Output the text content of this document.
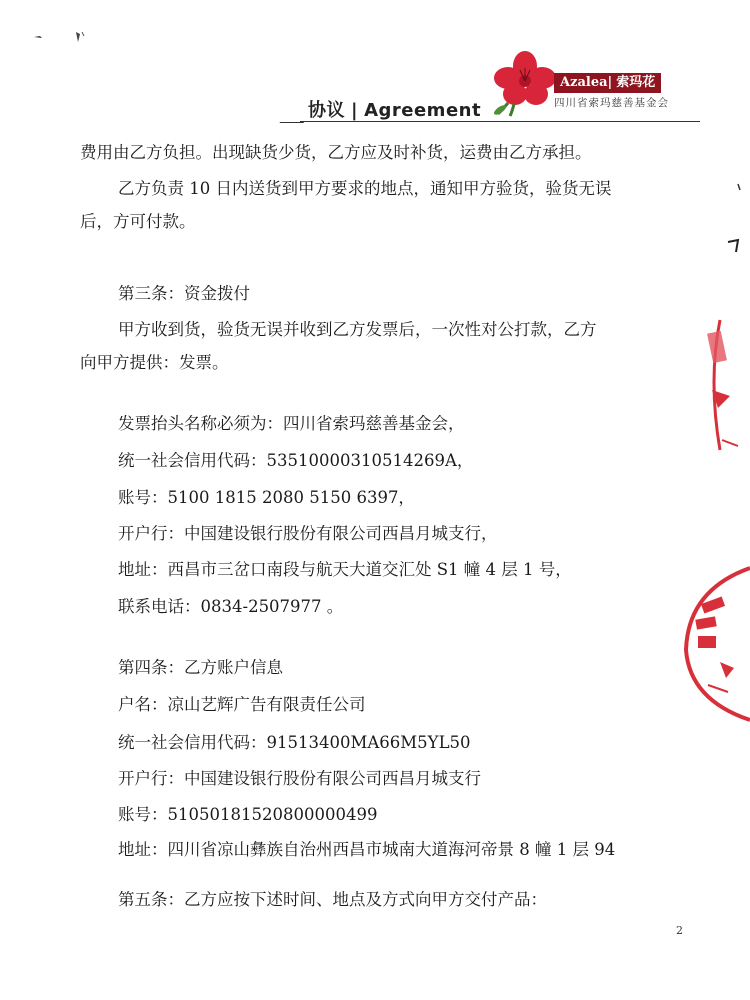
Azalea| 索玛花
四川省索玛慈善基金会
协议 | Agreement
费用由乙方负担。出现缺货少货，乙方应及时补货，运费由乙方承担。
乙方负责 10 日内送货到甲方要求的地点，通知甲方验货，验货无误
后，方可付款。
第三条：资金拨付
甲方收到货，验货无误并收到乙方发票后，一次性对公打款，乙方
向甲方提供：发票。
发票抬头名称必须为：四川省索玛慈善基金会，
统一社会信用代码：53510000310514269A，
账号：5100 1815 2080 5150 6397，
开户行：中国建设银行股份有限公司西昌月城支行，
地址：西昌市三岔口南段与航天大道交汇处 S1 幢 4 层 1 号，
联系电话：0834-2507977 。
第四条：乙方账户信息
户名：凉山艺辉广告有限责任公司
统一社会信用代码：91513400MA66M5YL50
开户行：中国建设银行股份有限公司西昌月城支行
账号：51050181520800000499
地址：四川省凉山彝族自治州西昌市城南大道海河帝景 8 幢 1 层 94
第五条：乙方应按下述时间、地点及方式向甲方交付产品：
2
